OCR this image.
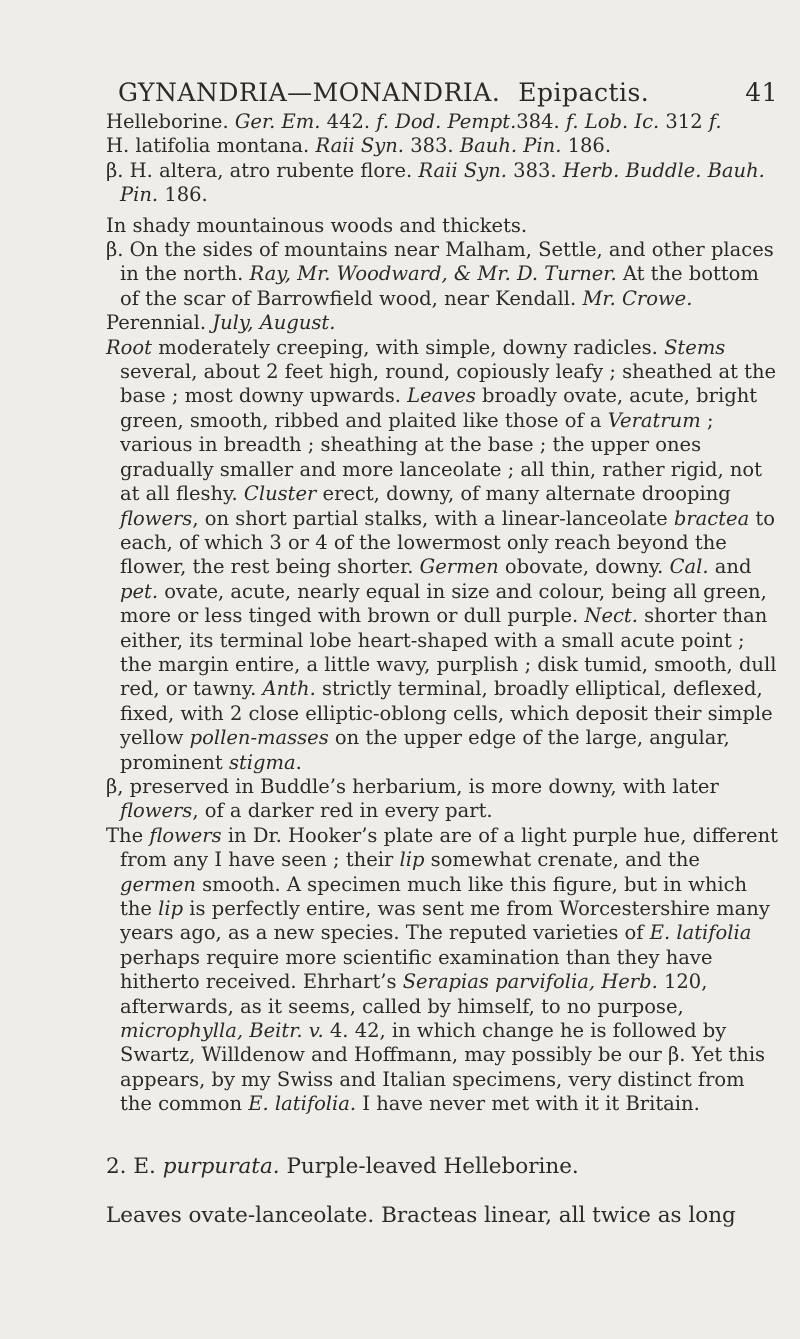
GYNANDRIA—MONANDRIA. Epipactis.	41

Helleborine. Ger. Em. 442. f. Dod. Pempt.384. f. Lob. Ic. 312 f.

H. latifolia montana. Raii Syn. 383. Bauh. Pin. 186.

β. H. altera, atro rubente flore. Raii Syn. 383. Herb. Buddle. Bauh. Pin. 186.

In shady mountainous woods and thickets.

β. On the sides of mountains near Malham, Settle, and other places in the north. Ray, Mr. Woodward, & Mr. D. Turner. At the bottom of the scar of Barrowfield wood, near Kendall. Mr. Crowe.

Perennial. July, August.

Root moderately creeping, with simple, downy radicles. Stems several, about 2 feet high, round, copiously leafy ; sheathed at the base ; most downy upwards. Leaves broadly ovate, acute, bright green, smooth, ribbed and plaited like those of a Veratrum ; various in breadth ; sheathing at the base ; the upper ones gradually smaller and more lanceolate ; all thin, rather rigid, not at all fleshy. Cluster erect, downy, of many alternate drooping flowers, on short partial stalks, with a linear-lanceolate bractea to each, of which 3 or 4 of the lowermost only reach beyond the flower, the rest being shorter. Germen obovate, downy. Cal. and pet. ovate, acute, nearly equal in size and colour, being all green, more or less tinged with brown or dull purple. Nect. shorter than either, its terminal lobe heart-shaped with a small acute point ; the margin entire, a little wavy, purplish ; disk tumid, smooth, dull red, or tawny. Anth. strictly terminal, broadly elliptical, deflexed, fixed, with 2 close elliptic-oblong cells, which deposit their simple yellow pollen-masses on the upper edge of the large, angular, prominent stigma.

β, preserved in Buddle’s herbarium, is more downy, with later flowers, of a darker red in every part.

The flowers in Dr. Hooker’s plate are of a light purple hue, different from any I have seen ; their lip somewhat crenate, and the germen smooth. A specimen much like this figure, but in which the lip is perfectly entire, was sent me from Worcestershire many years ago, as a new species. The reputed varieties of E. latifolia perhaps require more scientific examination than they have hitherto received. Ehrhart’s Serapias parvifolia, Herb. 120, afterwards, as it seems, called by himself, to no purpose, microphylla, Beitr. v. 4. 42, in which change he is followed by Swartz, Willdenow and Hoffmann, may possibly be our β. Yet this appears, by my Swiss and Italian specimens, very distinct from the common E. latifolia. I have never met with it it Britain.

2. E. purpurata. Purple-leaved Helleborine.

Leaves ovate-lanceolate. Bracteas linear, all twice as long
